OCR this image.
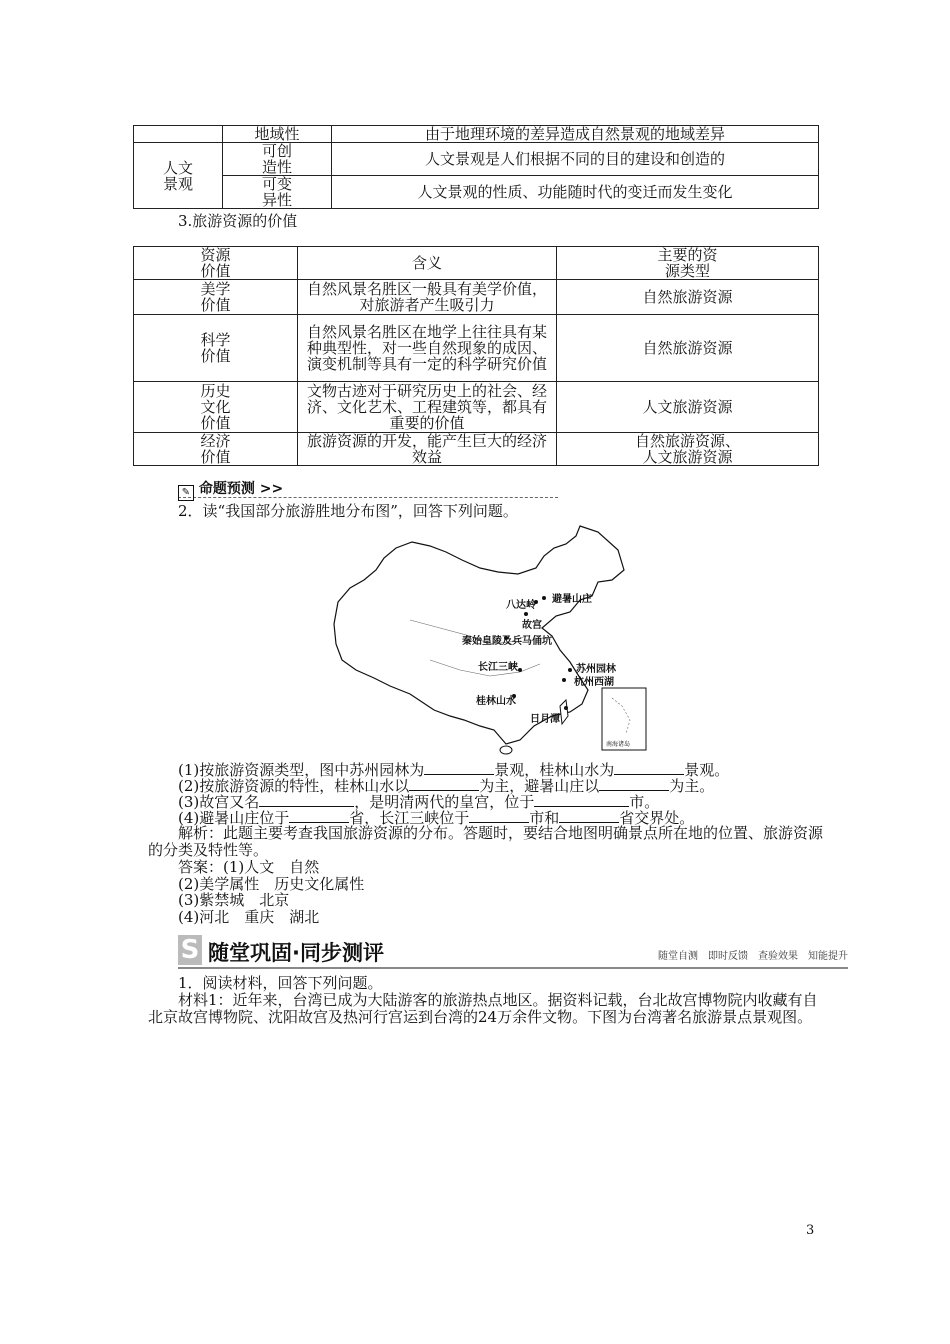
	地域性	由于地理环境的差异造成自然景观的地域差异

人文景观	可创造性	人文景观是人们根据不同的目的建设和创造的

	可变异性	人文景观的性质、功能随时代的变迁而发生变化
3.旅游资源的价值
资源价值	含义	主要的资源类型

美学价值	自然风景名胜区一般具有美学价值，对旅游者产生吸引力	自然旅游资源

科学价值	自然风景名胜区在地学上往往具有某种典型性，对一些自然现象的成因、演变机制等具有一定的科学研究价值	自然旅游资源

历史文化价值	文物古迹对于研究历史上的社会、经济、文化艺术、工程建筑等，都具有重要的价值	人文旅游资源

经济价值	旅游资源的开发，能产生巨大的经济效益	自然旅游资源、人文旅游资源
✎ 命题预测 >>
2．读“我国部分旅游胜地分布图”，回答下列问题。
八达岭
避暑山庄
故宫
秦始皇陵及兵马俑坑
长江三峡	苏州园林
杭州西湖
桂林山水
日月潭
南海诸岛
(1)按旅游资源类型，图中苏州园林为	景观，桂林山水为	景观。
(2)按旅游资源的特性，桂林山水以	为主，避暑山庄以	为主。
(3)故宫又名	，是明清两代的皇宫，位于	市。
(4)避暑山庄位于	省，长江三峡位于	市和	省交界处。
解析：此题主要考查我国旅游资源的分布。答题时，要结合地图明确景点所在地的位置、旅游资源的分类及特性等。
答案：(1)人文　自然
(2)美学属性　历史文化属性
(3)紫禁城　北京
(4)河北　重庆　湖北
S 随堂巩固·同步测评	随堂自测　即时反馈　查验效果　知能提升
1．阅读材料，回答下列问题。
材料1：近年来，台湾已成为大陆游客的旅游热点地区。据资料记载，台北故宫博物院内收藏有自北京故宫博物院、沈阳故宫及热河行宫运到台湾的24万余件文物。下图为台湾著名旅游景点景观图。
3
